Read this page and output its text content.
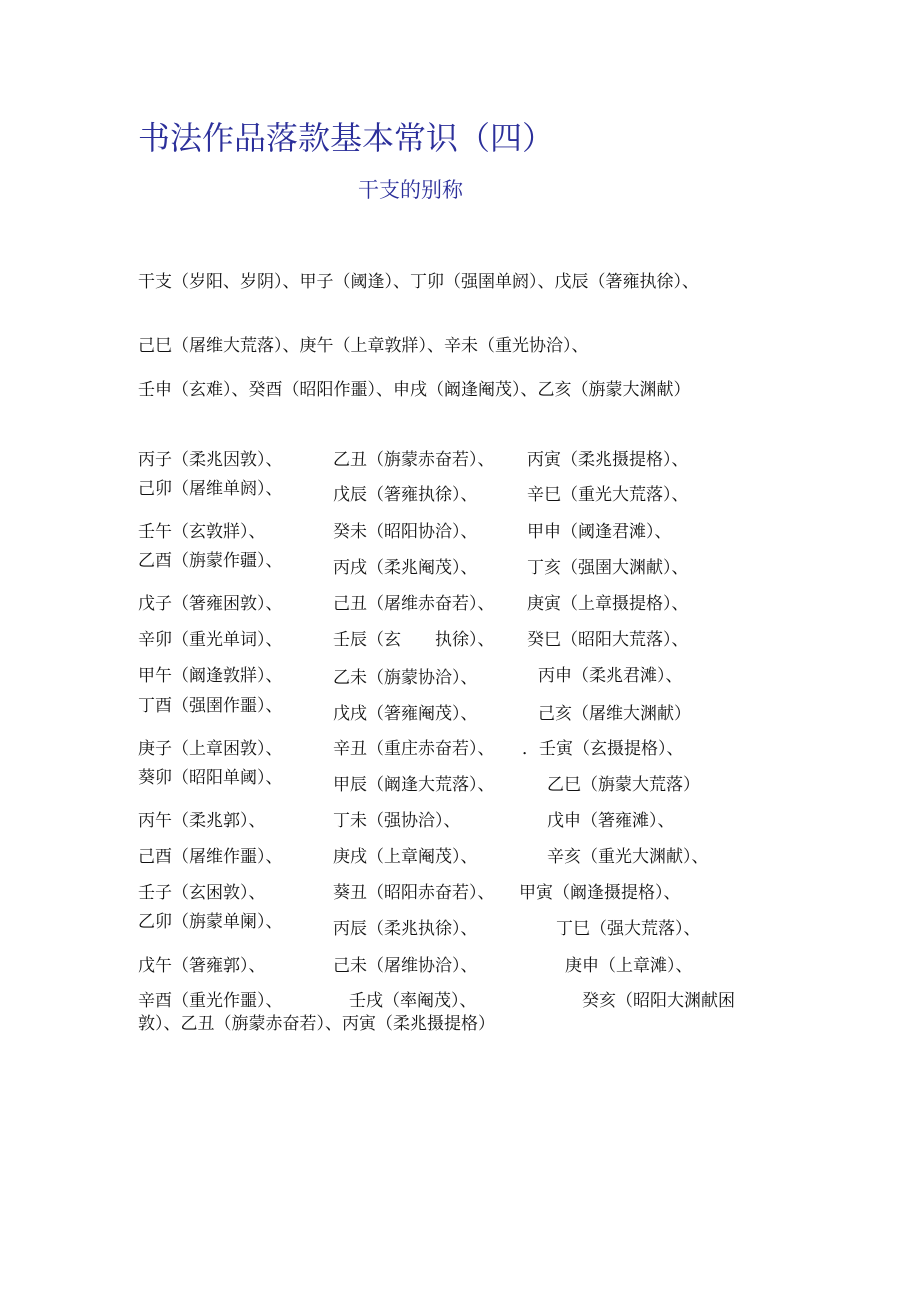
书法作品落款基本常识（四）
干支的别称
干支（岁阳、岁阴）、甲子（阈逢）、丁卯（强圉单阏）、戊辰（箸雍执徐）、
己巳（屠维大荒落）、庚午（上章敦牂）、辛未（重光协洽）、
壬申（玄难）、癸酉（昭阳作噩）、申戌（阚逢阉茂）、乙亥（旃蒙大渊献）
丙子（柔兆因敦）、	乙丑（旃蒙赤奋若）、 丙寅（柔兆摄提格）、
己卯（屠维单阏）、	戊辰（箸雍执徐）、	辛巳（重光大荒落）、
壬午（玄敦牂）、	癸未（昭阳协洽）、	甲申（阈逢君滩）、
乙酉（旃蒙作疆）、	丙戌（柔兆阉茂）、	丁亥（强圉大渊献）、
戊子（箸雍困敦）、	己丑（屠维赤奋若）、 庚寅（上章摄提格）、
辛卯（重光单词）、	壬辰（玄　　执徐）、 癸巳（昭阳大荒落）、
甲午（阚逢敦牂）、	乙未（旃蒙协洽）、	丙申（柔兆君滩）、
丁酉（强圉作噩）、	戊戌（箸雍阉茂）、	己亥（屠维大渊献）
庚子（上章困敦）、	辛丑（重庄赤奋若）、 ．壬寅（玄摄提格）、
葵卯（昭阳单阈）、	甲辰（阚逢大荒落）、	乙巳（旃蒙大荒落）
丙午（柔兆郭）、	丁未（强协洽）、	戊申（箸雍滩）、
己酉（屠维作噩）、	庚戌（上章阉茂）、	辛亥（重光大渊献）、
壬子（玄困敦）、	葵丑（昭阳赤奋若）、 甲寅（阚逢摄提格）、
乙卯（旃蒙单阑）、	丙辰（柔兆执徐）、	丁巳（强大荒落）、
戊午（箸雍郭）、	己未（屠维协洽）、	庚申（上章滩）、
辛酉（重光作噩）、	壬戌（率阉茂）、	癸亥（昭阳大渊献困
敦）、乙丑（旃蒙赤奋若）、丙寅（柔兆摄提格）
